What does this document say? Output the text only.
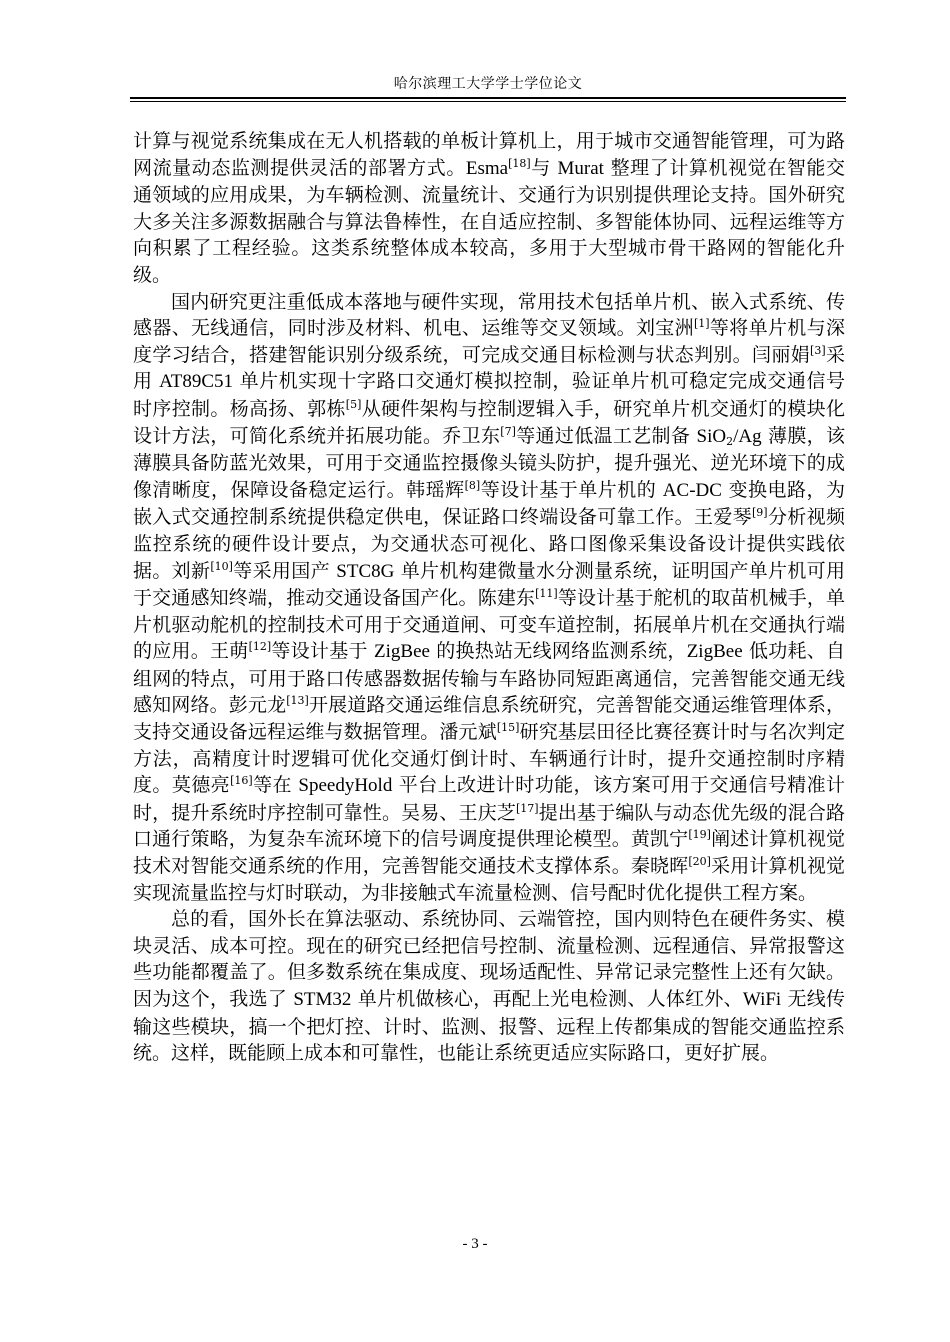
哈尔滨理工大学学士学位论文

计算与视觉系统集成在无人机搭载的单板计算机上，用于城市交通智能管理，可为路网流量动态监测提供灵活的部署方式。Esma[18]与 Murat 整理了计算机视觉在智能交通领域的应用成果，为车辆检测、流量统计、交通行为识别提供理论支持。国外研究大多关注多源数据融合与算法鲁棒性，在自适应控制、多智能体协同、远程运维等方向积累了工程经验。这类系统整体成本较高，多用于大型城市骨干路网的智能化升级。

国内研究更注重低成本落地与硬件实现，常用技术包括单片机、嵌入式系统、传感器、无线通信，同时涉及材料、机电、运维等交叉领域。刘宝洲[1]等将单片机与深度学习结合，搭建智能识别分级系统，可完成交通目标检测与状态判别。闫丽娟[3]采用 AT89C51 单片机实现十字路口交通灯模拟控制，验证单片机可稳定完成交通信号时序控制。杨高扬、郭栋[5]从硬件架构与控制逻辑入手，研究单片机交通灯的模块化设计方法，可简化系统并拓展功能。乔卫东[7]等通过低温工艺制备 SiO$_2$/Ag 薄膜，该薄膜具备防蓝光效果，可用于交通监控摄像头镜头防护，提升强光、逆光环境下的成像清晰度，保障设备稳定运行。韩瑶辉[8]等设计基于单片机的 AC-DC 变换电路，为嵌入式交通控制系统提供稳定供电，保证路口终端设备可靠工作。王爱琴[9]分析视频监控系统的硬件设计要点，为交通状态可视化、路口图像采集设备设计提供实践依据。刘新[10]等采用国产 STC8G 单片机构建微量水分测量系统，证明国产单片机可用于交通感知终端，推动交通设备国产化。陈建东[11]等设计基于舵机的取苗机械手，单片机驱动舵机的控制技术可用于交通道闸、可变车道控制，拓展单片机在交通执行端的应用。王萌[12]等设计基于 ZigBee 的换热站无线网络监测系统，ZigBee 低功耗、自组网的特点，可用于路口传感器数据传输与车路协同短距离通信，完善智能交通无线感知网络。彭元龙[13]开展道路交通运维信息系统研究，完善智能交通运维管理体系，支持交通设备远程运维与数据管理。潘元斌[15]研究基层田径比赛径赛计时与名次判定方法，高精度计时逻辑可优化交通灯倒计时、车辆通行计时，提升交通控制时序精度。莫德亮[16]等在 SpeedyHold 平台上改进计时功能，该方案可用于交通信号精准计时，提升系统时序控制可靠性。吴易、王庆芝[17]提出基于编队与动态优先级的混合路口通行策略，为复杂车流环境下的信号调度提供理论模型。黄凯宁[19]阐述计算机视觉技术对智能交通系统的作用，完善智能交通技术支撑体系。秦晓晖[20]采用计算机视觉实现流量监控与灯时联动，为非接触式车流量检测、信号配时优化提供工程方案。

总的看，国外长在算法驱动、系统协同、云端管控，国内则特色在硬件务实、模块灵活、成本可控。现在的研究已经把信号控制、流量检测、远程通信、异常报警这些功能都覆盖了。但多数系统在集成度、现场适配性、异常记录完整性上还有欠缺。因为这个，我选了 STM32 单片机做核心，再配上光电检测、人体红外、WiFi 无线传输这些模块，搞一个把灯控、计时、监测、报警、远程上传都集成的智能交通监控系统。这样，既能顾上成本和可靠性，也能让系统更适应实际路口，更好扩展。

- 3 -
